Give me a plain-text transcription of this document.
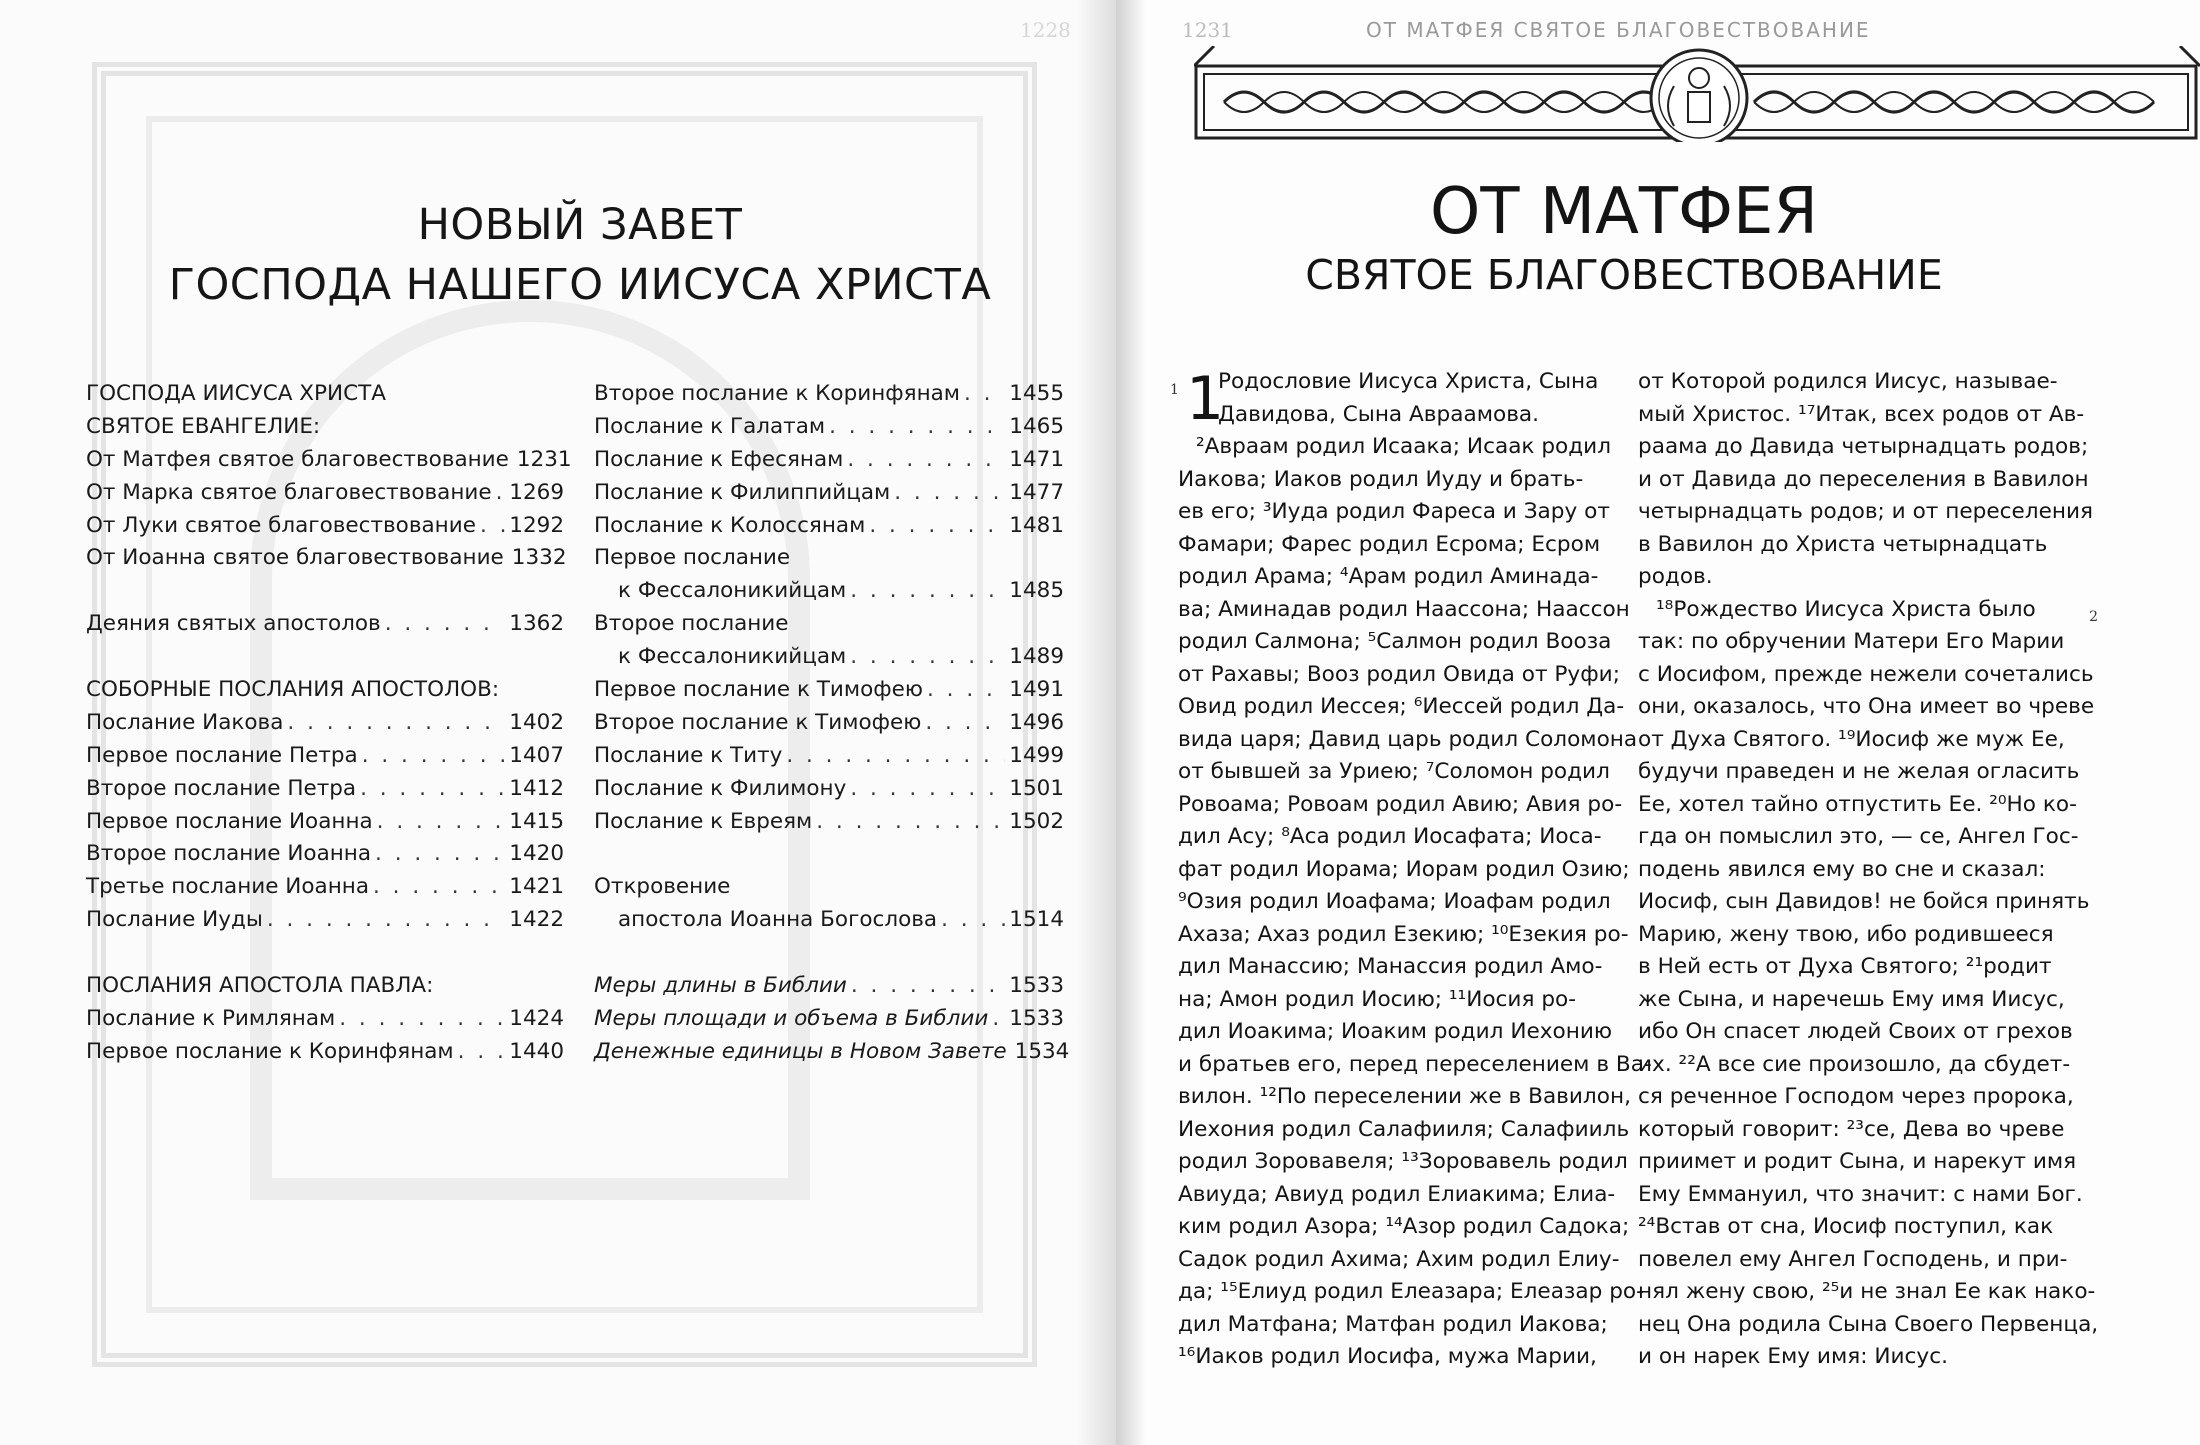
1228
НОВЫЙ ЗАВЕТ
ГОСПОДА НАШЕГО ИИСУСА ХРИСТА
ГОСПОДА ИИСУСА ХРИСТА
СВЯТОЕ ЕВАНГЕЛИЕ:
От Матфея святое благовествование 1231
От Марка святое благовествование . . . 1269
От Луки святое благовествование . . . 1292
От Иоанна святое благовествование 1332
Деяния святых апостолов . . .	1362
СОБОРНЫЕ ПОСЛАНИЯ АПОСТОЛОВ:
Послание Иакова . . .	1402
Первое послание Петра . . .	1407
Второе послание Петра . . .	1412
Первое послание Иоанна . . .	1415
Второе послание Иоанна . . .	1420
Третье послание Иоанна . . .	1421
Послание Иуды . . .	1422
ПОСЛАНИЯ АПОСТОЛА ПАВЛА:
Послание к Римлянам . . .	1424
Первое послание к Коринфянам . . .	1440
Второе послание к Коринфянам . . . 1455
Послание к Галатам . . .	1465
Послание к Ефесянам . . .	1471
Послание к Филиппийцам . . .	1477
Послание к Колоссянам . . .	1481
Первое послание
к Фессалоникийцам . . .	1485
Второе послание
к Фессалоникийцам . . .	1489
Первое послание к Тимофею . . .	1491
Второе послание к Тимофею . . .	1496
Послание к Титу . . .	1499
Послание к Филимону . . .	1501
Послание к Евреям . . .	1502
Откровение
апостола Иоанна Богослова . . .	1514
Меры длины в Библии . . .	1533
Меры площади и объема в Библии . . . 1533
Денежные единицы в Новом Завете 1534
1231	ОТ МАТФЕЯ СВЯТОЕ БЛАГОВЕСТВОВАНИЕ
ОТ МАТФЕЯ
СВЯТОЕ БЛАГОВЕСТВОВАНИЕ
1
1	Родословие Иисуса Христа, Сына
Давидова, Сына Авраамова.
²Авраам родил Исаака; Исаак родил
Иакова; Иаков родил Иуду и брать-
ев его; ³Иуда родил Фареса и Зару от
Фамари; Фарес родил Есрома; Есром
родил Арама; ⁴Арам родил Аминада-
ва; Аминадав родил Наассона; Наассон
родил Салмона; ⁵Салмон родил Вооза
от Рахавы; Вооз родил Овида от Руфи;
Овид родил Иессея; ⁶Иессей родил Да-
вида царя; Давид царь родил Соломона
от бывшей за Уриею; ⁷Соломон родил
Ровоама; Ровоам родил Авию; Авия ро-
дил Асу; ⁸Аса родил Иосафата; Иоса-
фат родил Иорама; Иорам родил Озию;
⁹Озия родил Иоафама; Иоафам родил
Ахаза; Ахаз родил Езекию; ¹⁰Езекия ро-
дил Манассию; Манассия родил Амо-
на; Амон родил Иосию; ¹¹Иосия ро-
дил Иоакима; Иоаким родил Иехонию
и братьев его, перед переселением в Ва-
вилон. ¹²По переселении же в Вавилон,
Иехония родил Салафииля; Салафииль
родил Зоровавеля; ¹³Зоровавель родил
Авиуда; Авиуд родил Елиакима; Елиа-
ким родил Азора; ¹⁴Азор родил Садока;
Садок родил Ахима; Ахим родил Елиу-
да; ¹⁵Елиуд родил Елеазара; Елеазар ро-
дил Матфана; Матфан родил Иакова;
¹⁶Иаков родил Иосифа, мужа Марии,
2
от Которой родился Иисус, называе-
мый Христос. ¹⁷Итак, всех родов от Ав-
раама до Давида четырнадцать родов;
и от Давида до переселения в Вавилон
четырнадцать родов; и от переселения
в Вавилон до Христа четырнадцать
родов.
¹⁸Рождество Иисуса Христа было
так: по обручении Матери Его Марии
с Иосифом, прежде нежели сочетались
они, оказалось, что Она имеет во чреве
от Духа Святого. ¹⁹Иосиф же муж Ее,
будучи праведен и не желая огласить
Ее, хотел тайно отпустить Ее. ²⁰Но ко-
гда он помыслил это, — се, Ангел Гос-
подень явился ему во сне и сказал:
Иосиф, сын Давидов! не бойся принять
Марию, жену твою, ибо родившееся
в Ней есть от Духа Святого; ²¹родит
же Сына, и наречешь Ему имя Иисус,
ибо Он спасет людей Своих от грехов
их. ²²А все сие произошло, да сбудет-
ся реченное Господом через пророка,
который говорит: ²³се, Дева во чреве
приимет и родит Сына, и нарекут имя
Ему Еммануил, что значит: с нами Бог.
²⁴Встав от сна, Иосиф поступил, как
повелел ему Ангел Господень, и при-
нял жену свою, ²⁵и не знал Ее как нако-
нец Она родила Сына Своего Первенца,
и он нарек Ему имя: Иисус.
